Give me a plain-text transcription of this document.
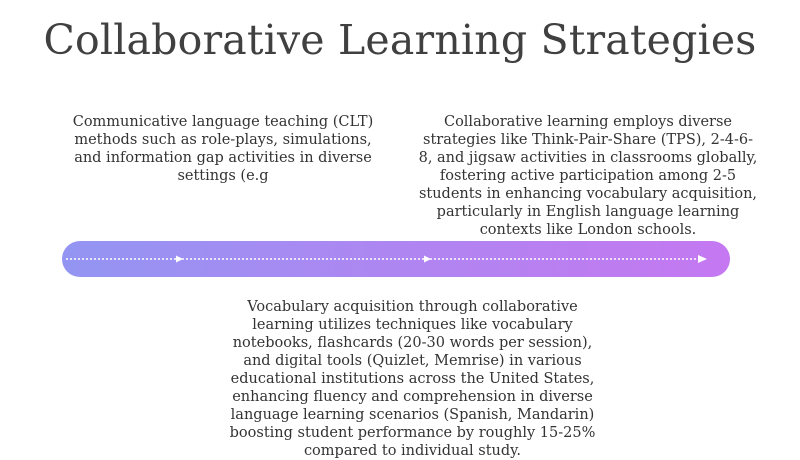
Collaborative Learning Strategies
Communicative language teaching (CLT) methods such as role-plays, simulations, and information gap activities in diverse settings (e.g
Collaborative learning employs diverse strategies like Think-Pair-Share (TPS), 2-4-6-8, and jigsaw activities in classrooms globally, fostering active participation among 2-5 students in enhancing vocabulary acquisition, particularly in English language learning contexts like London schools.
Vocabulary acquisition through collaborative learning utilizes techniques like vocabulary notebooks, flashcards (20-30 words per session), and digital tools (Quizlet, Memrise) in various educational institutions across the United States, enhancing fluency and comprehension in diverse language learning scenarios (Spanish, Mandarin) boosting student performance by roughly 15-25% compared to individual study.
